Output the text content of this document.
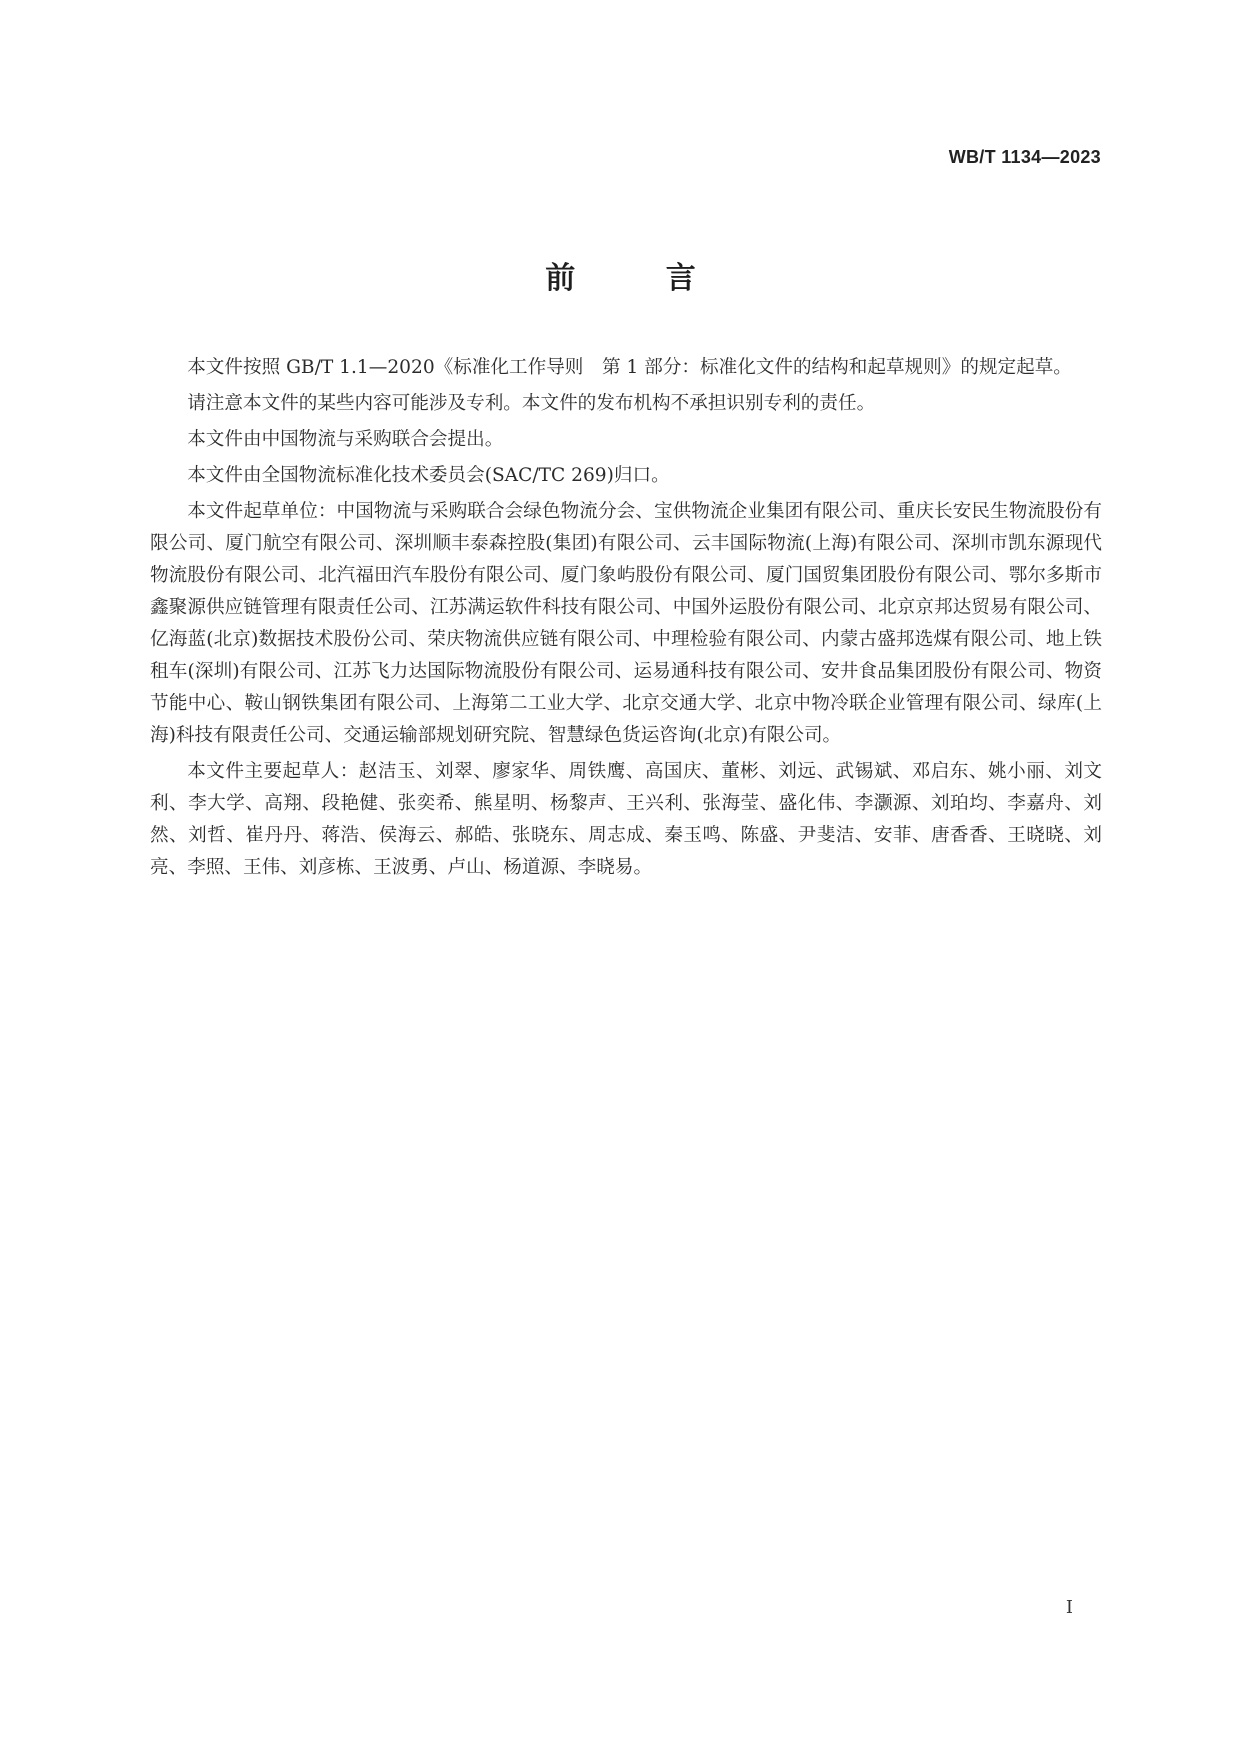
WB/T 1134—2023
前 言

本文件按照 GB/T 1.1—2020《标准化工作导则　第 1 部分：标准化文件的结构和起草规则》的规定起草。

请注意本文件的某些内容可能涉及专利。本文件的发布机构不承担识别专利的责任。

本文件由中国物流与采购联合会提出。

本文件由全国物流标准化技术委员会(SAC/TC 269)归口。

本文件起草单位：中国物流与采购联合会绿色物流分会、宝供物流企业集团有限公司、重庆长安民生物流股份有限公司、厦门航空有限公司、深圳顺丰泰森控股(集团)有限公司、云丰国际物流(上海)有限公司、深圳市凯东源现代物流股份有限公司、北汽福田汽车股份有限公司、厦门象屿股份有限公司、厦门国贸集团股份有限公司、鄂尔多斯市鑫聚源供应链管理有限责任公司、江苏满运软件科技有限公司、中国外运股份有限公司、北京京邦达贸易有限公司、亿海蓝(北京)数据技术股份公司、荣庆物流供应链有限公司、中理检验有限公司、内蒙古盛邦选煤有限公司、地上铁租车(深圳)有限公司、江苏飞力达国际物流股份有限公司、运易通科技有限公司、安井食品集团股份有限公司、物资节能中心、鞍山钢铁集团有限公司、上海第二工业大学、北京交通大学、北京中物冷联企业管理有限公司、绿库(上海)科技有限责任公司、交通运输部规划研究院、智慧绿色货运咨询(北京)有限公司。

本文件主要起草人：赵洁玉、刘翠、廖家华、周铁鹰、高国庆、董彬、刘远、武锡斌、邓启东、姚小丽、刘文利、李大学、高翔、段艳健、张奕希、熊星明、杨黎声、王兴利、张海莹、盛化伟、李灏源、刘珀均、李嘉舟、刘然、刘哲、崔丹丹、蒋浩、侯海云、郝皓、张晓东、周志成、秦玉鸣、陈盛、尹斐洁、安菲、唐香香、王晓晓、刘亮、李照、王伟、刘彦栋、王波勇、卢山、杨道源、李晓易。

I
